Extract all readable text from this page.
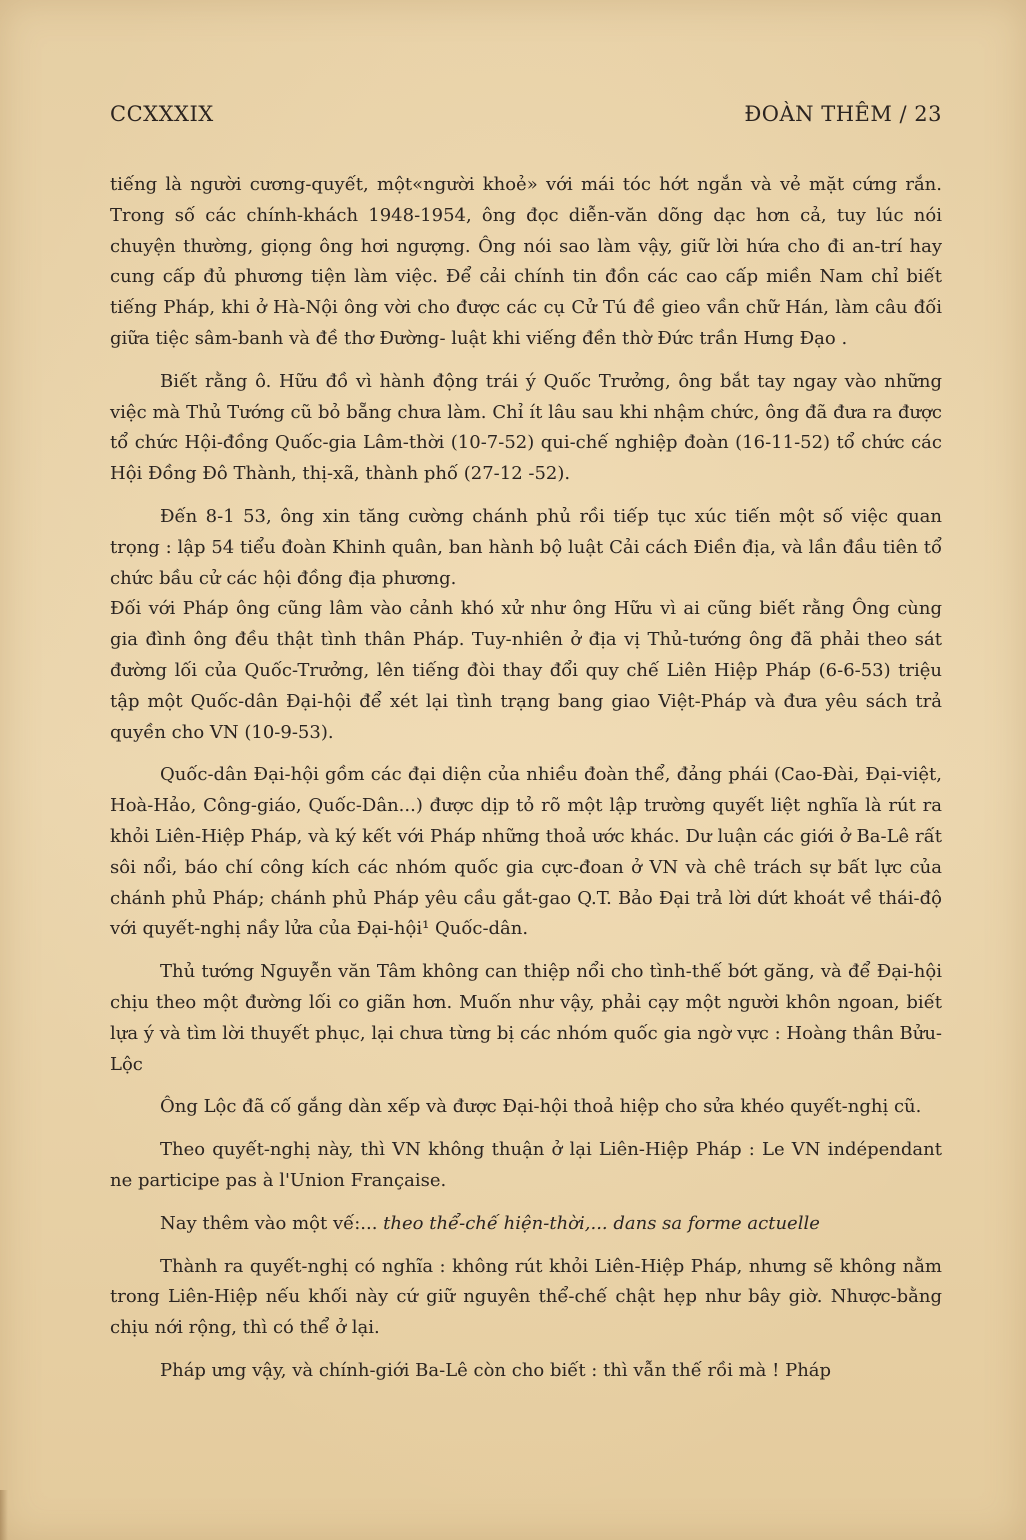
CCXXXIX	ĐOÀN THÊM / 23

tiếng là người cương-quyết, một«người khoẻ» với mái tóc hớt ngắn và vẻ mặt cứng rắn. Trong số các chính-khách 1948-1954, ông đọc diễn-văn dõng dạc hơn cả, tuy lúc nói chuyện thường, giọng ông hơi ngượng. Ông nói sao làm vậy, giữ lời hứa cho đi an-trí hay cung cấp đủ phương tiện làm việc. Để cải chính tin đồn các cao cấp miền Nam chỉ biết tiếng Pháp, khi ở Hà-Nội ông vời cho được các cụ Cử Tú đề gieo vần chữ Hán, làm câu đối giữa tiệc sâm-banh và đề thơ Đường- luật khi viếng đền thờ Đức trần Hưng Đạo .

Biết rằng ô. Hữu đồ vì hành động trái ý Quốc Trưởng, ông bắt tay ngay vào những việc mà Thủ Tướng cũ bỏ bẵng chưa làm. Chỉ ít lâu sau khi nhậm chức, ông đã đưa ra được tổ chức Hội-đồng Quốc-gia Lâm-thời (10-7-52) qui-chế nghiệp đoàn (16-11-52) tổ chức các Hội Đồng Đô Thành, thị-xã, thành phố (27-12 -52).

Đến 8-1 53, ông xin tăng cường chánh phủ rồi tiếp tục xúc tiến một số việc quan trọng : lập 54 tiểu đoàn Khinh quân, ban hành bộ luật Cải cách Điền địa, và lần đầu tiên tổ chức bầu cử các hội đồng địa phương.

Đối với Pháp ông cũng lâm vào cảnh khó xử như ông Hữu vì ai cũng biết rằng Ông cùng gia đình ông đều thật tình thân Pháp. Tuy-nhiên ở địa vị Thủ-tướng ông đã phải theo sát đường lối của Quốc-Trưởng, lên tiếng đòi thay đổi quy chế Liên Hiệp Pháp (6-6-53) triệu tập một Quốc-dân Đại-hội để xét lại tình trạng bang giao Việt-Pháp và đưa yêu sách trả quyền cho VN (10-9-53).

Quốc-dân Đại-hội gồm các đại diện của nhiều đoàn thể, đảng phái (Cao-Đài, Đại-việt, Hoà-Hảo, Công-giáo, Quốc-Dân...) được dịp tỏ rõ một lập trường quyết liệt nghĩa là rút ra khỏi Liên-Hiệp Pháp, và ký kết với Pháp những thoả ước khác. Dư luận các giới ở Ba-Lê rất sôi nổi, báo chí công kích các nhóm quốc gia cực-đoan ở VN và chê trách sự bất lực của chánh phủ Pháp; chánh phủ Pháp yêu cầu gắt-gao Q.T. Bảo Đại trả lời dứt khoát về thái-độ với quyết-nghị nầy lửa của Đại-hội¹ Quốc-dân.

Thủ tướng Nguyễn văn Tâm không can thiệp nổi cho tình-thế bớt găng, và để Đại-hội chịu theo một đường lối co giãn hơn. Muốn như vậy, phải cạy một người khôn ngoan, biết lựa ý và tìm lời thuyết phục, lại chưa từng bị các nhóm quốc gia ngờ vực : Hoàng thân Bửu-Lộc

Ông Lộc đã cố gắng dàn xếp và được Đại-hội thoả hiệp cho sửa khéo quyết-nghị cũ.

Theo quyết-nghị này, thì VN không thuận ở lại Liên-Hiệp Pháp : Le VN indépendant ne participe pas à l'Union Française.

Nay thêm vào một vế:... theo thể-chế hiện-thời,... dans sa forme actuelle

Thành ra quyết-nghị có nghĩa : không rút khỏi Liên-Hiệp Pháp, nhưng sẽ không nằm trong Liên-Hiệp nếu khối này cứ giữ nguyên thể-chế chật hẹp như bây giờ. Nhược-bằng chịu nới rộng, thì có thể ở lại.

Pháp ưng vậy, và chính-giới Ba-Lê còn cho biết : thì vẫn thế rồi mà ! Pháp
